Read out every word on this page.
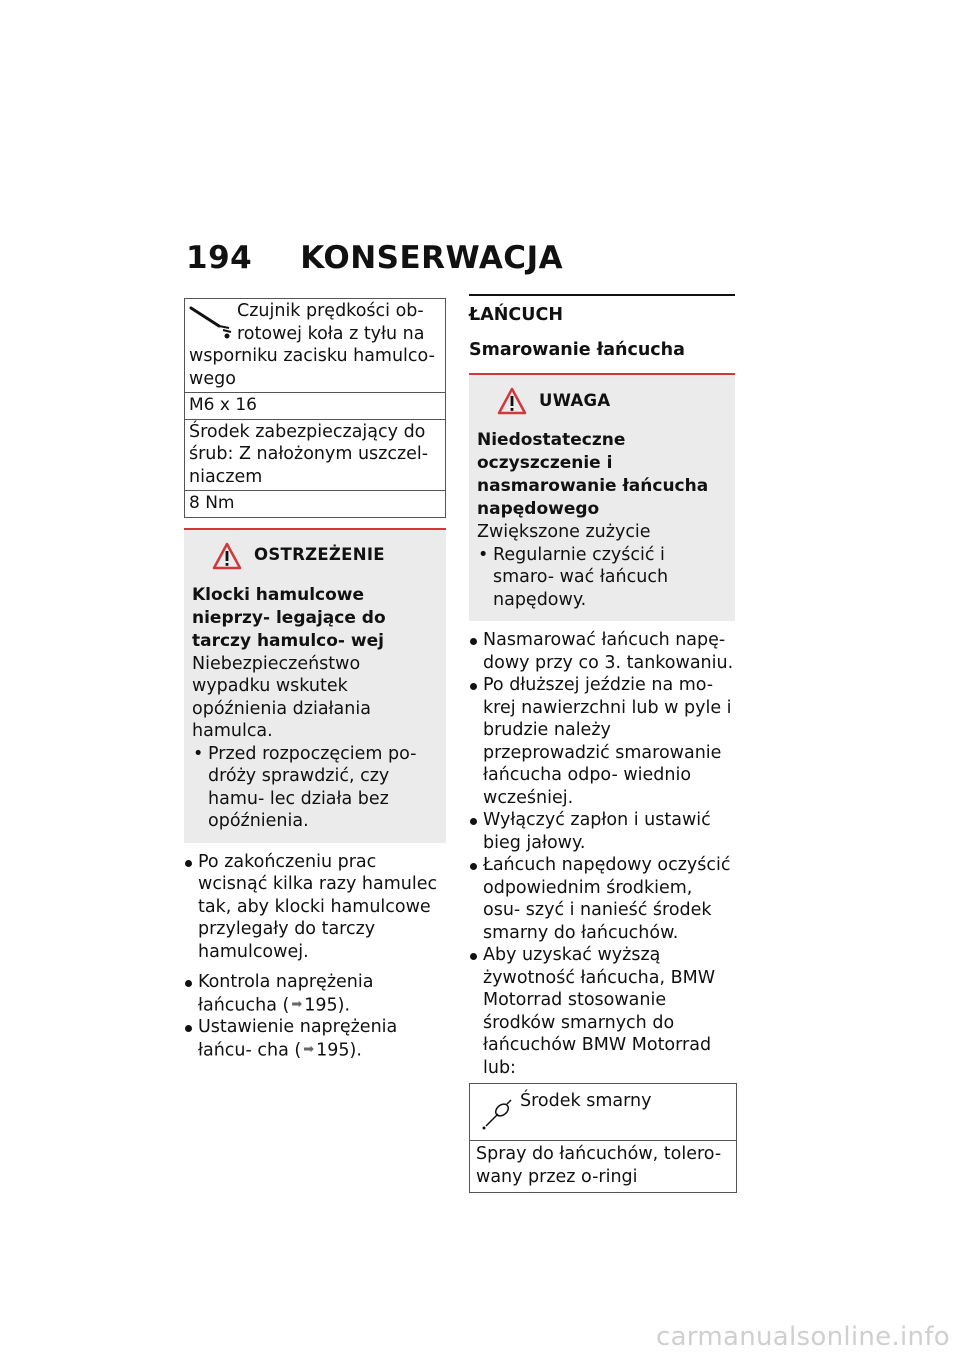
194 KONSERWACJA
Czujnik prędkości ob- rotowej koła z tyłu na wsporniku zacisku hamulco- wego
M6 x 16
Środek zabezpieczający do śrub: Z nałożonym uszczel- niaczem
8 Nm
OSTRZEŻENIE
Klocki hamulcowe nieprzy- legające do tarczy hamulco- wej
Niebezpieczeństwo wypadku wskutek opóźnienia działania hamulca.
• Przed rozpoczęciem po- dróży sprawdzić, czy hamu- lec działa bez opóźnienia.
Po zakończeniu prac wcisnąć kilka razy hamulec tak, aby klocki hamulcowe przylegały do tarczy hamulcowej.
Kontrola naprężenia łańcucha ( ➡ 195).
Ustawienie naprężenia łańcu- cha ( ➡ 195).
ŁAŃCUCH
Smarowanie łańcucha
UWAGA
Niedostateczne oczyszczenie i nasmarowanie łańcucha napędowego
Zwiększone zużycie
• Regularnie czyścić i smaro- wać łańcuch napędowy.
Nasmarować łańcuch napę- dowy przy co 3. tankowaniu.
Po dłuższej jeździe na mo- krej nawierzchni lub w pyle i brudzie należy przeprowadzić smarowanie łańcucha odpo- wiednio wcześniej.
Wyłączyć zapłon i ustawić bieg jałowy.
Łańcuch napędowy oczyścić odpowiednim środkiem, osu- szyć i nanieść środek smarny do łańcuchów.
Aby uzyskać wyższą żywotność łańcucha, BMW Motorrad stosowanie środków smarnych do łańcuchów BMW Motorrad lub:
Środek smarny
Spray do łańcuchów, tolero- wany przez o-ringi
carmanualsonline.info
